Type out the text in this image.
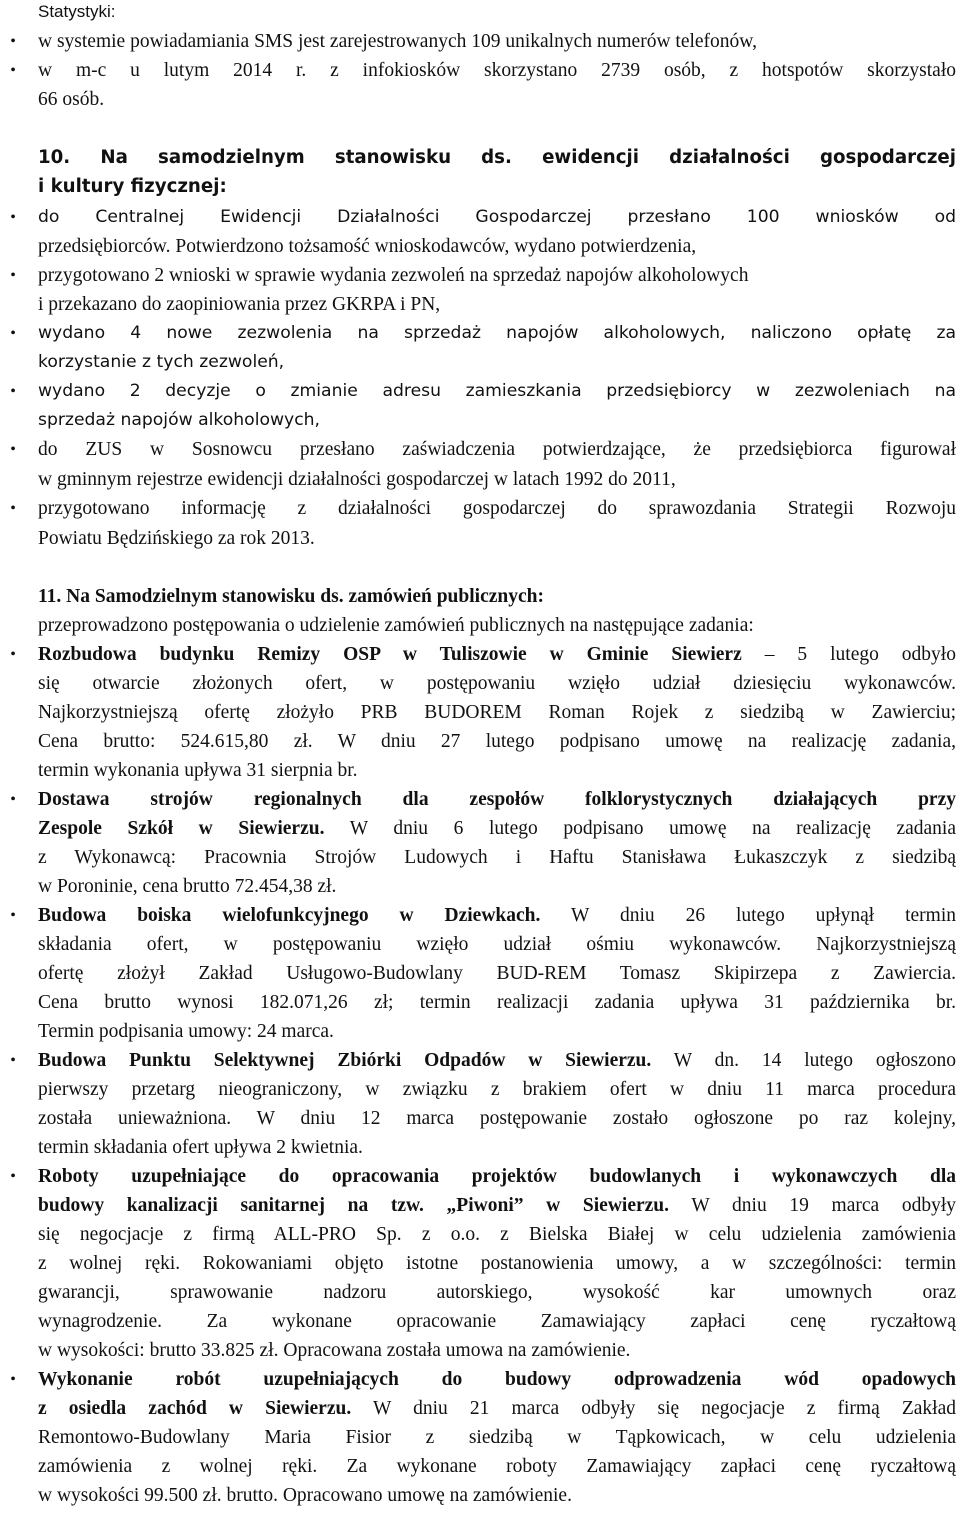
Statystyki:
• w systemie powiadamiania SMS jest zarejestrowanych 109 unikalnych numerów telefonów,
• w m-c u lutym 2014 r. z infokiosków skorzystano 2739 osób, z hotspotów skorzystało
66 osób.
10. Na samodzielnym stanowisku ds. ewidencji działalności gospodarczej
i kultury fizycznej:
• do Centralnej Ewidencji Działalności Gospodarczej przesłano 100 wniosków od
przedsiębiorców. Potwierdzono tożsamość wnioskodawców, wydano potwierdzenia,
• przygotowano 2 wnioski w sprawie wydania zezwoleń na sprzedaż napojów alkoholowych
i przekazano do zaopiniowania przez GKRPA i PN,
• wydano 4 nowe zezwolenia na sprzedaż napojów alkoholowych, naliczono opłatę za
korzystanie z tych zezwoleń,
• wydano 2 decyzje o zmianie adresu zamieszkania przedsiębiorcy w zezwoleniach na
sprzedaż napojów alkoholowych,
• do ZUS w Sosnowcu przesłano zaświadczenia potwierdzające, że przedsiębiorca figurował
w gminnym rejestrze ewidencji działalności gospodarczej w latach 1992 do 2011,
• przygotowano informację z działalności gospodarczej do sprawozdania Strategii Rozwoju
Powiatu Będzińskiego za rok 2013.
11. Na Samodzielnym stanowisku ds. zamówień publicznych:
przeprowadzono postępowania o udzielenie zamówień publicznych na następujące zadania:
• Rozbudowa budynku Remizy OSP w Tuliszowie w Gminie Siewierz – 5 lutego odbyło
się otwarcie złożonych ofert, w postępowaniu wzięło udział dziesięciu wykonawców.
Najkorzystniejszą ofertę złożyło PRB BUDOREM Roman Rojek z siedzibą w Zawierciu;
Cena brutto: 524.615,80 zł. W dniu 27 lutego podpisano umowę na realizację zadania,
termin wykonania upływa 31 sierpnia br.
• Dostawa strojów regionalnych dla zespołów folklorystycznych działających przy
Zespole Szkół w Siewierzu. W dniu 6 lutego podpisano umowę na realizację zadania
z Wykonawcą: Pracownia Strojów Ludowych i Haftu Stanisława Łukaszczyk z siedzibą
w Poroninie, cena brutto 72.454,38 zł.
• Budowa boiska wielofunkcyjnego w Dziewkach. W dniu 26 lutego upłynął termin
składania ofert, w postępowaniu wzięło udział ośmiu wykonawców. Najkorzystniejszą
ofertę złożył Zakład Usługowo-Budowlany BUD-REM Tomasz Skipirzepa z Zawiercia.
Cena brutto wynosi 182.071,26 zł; termin realizacji zadania upływa 31 października br.
Termin podpisania umowy: 24 marca.
• Budowa Punktu Selektywnej Zbiórki Odpadów w Siewierzu. W dn. 14 lutego ogłoszono
pierwszy przetarg nieograniczony, w związku z brakiem ofert w dniu 11 marca procedura
została unieważniona. W dniu 12 marca postępowanie zostało ogłoszone po raz kolejny,
termin składania ofert upływa 2 kwietnia.
• Roboty uzupełniające do opracowania projektów budowlanych i wykonawczych dla
budowy kanalizacji sanitarnej na tzw. „Piwoni” w Siewierzu. W dniu 19 marca odbyły
się negocjacje z firmą ALL-PRO Sp. z o.o. z Bielska Białej w celu udzielenia zamówienia
z wolnej ręki. Rokowaniami objęto istotne postanowienia umowy, a w szczególności: termin
gwarancji, sprawowanie nadzoru autorskiego, wysokość kar umownych oraz
wynagrodzenie. Za wykonane opracowanie Zamawiający zapłaci cenę ryczałtową
w wysokości: brutto 33.825 zł. Opracowana została umowa na zamówienie.
• Wykonanie robót uzupełniających do budowy odprowadzenia wód opadowych
z osiedla zachód w Siewierzu. W dniu 21 marca odbyły się negocjacje z firmą Zakład
Remontowo-Budowlany Maria Fisior z siedzibą w Tąpkowicach, w celu udzielenia
zamówienia z wolnej ręki. Za wykonane roboty Zamawiający zapłaci cenę ryczałtową
w wysokości 99.500 zł. brutto. Opracowano umowę na zamówienie.
